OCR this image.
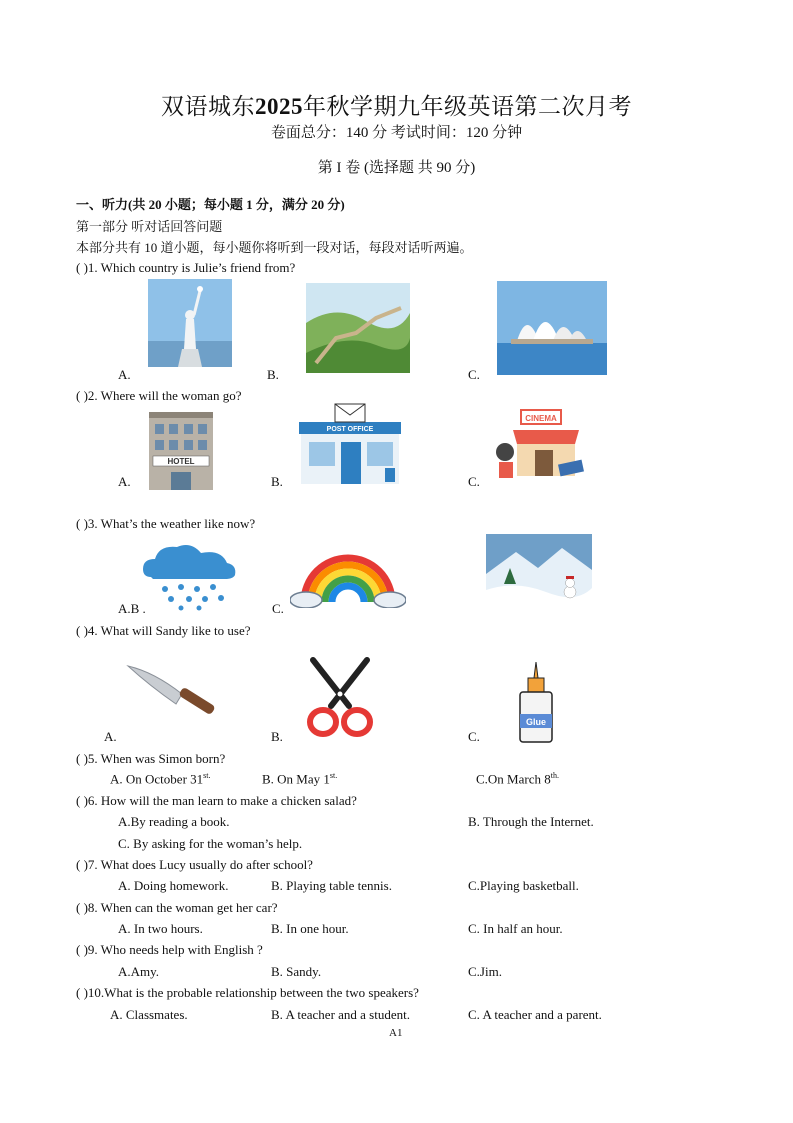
双语城东2025年秋学期九年级英语第二次月考
卷面总分：140 分 考试时间：120 分钟
第 I 卷 (选择题 共 90 分)
一、听力(共 20 小题；每小题 1 分，满分 20 分)
第一部分 听对话回答问题
本部分共有 10 道小题，每小题你将听到一段对话，每段对话听两遍。
( )1. Which country is Julie’s friend from?
A.	B.	C.
( )2. Where will the woman go?
HOTEL
POST OFFICE
CINEMA
A.	B.	C.
( )3. What’s the weather like now?
A.B .	C.
( )4. What will Sandy like to use?
Glue
A.	B.	C.
( )5. When was Simon born?
A. On October $31^{st.}$	B. On May $1^{st.}$	C.On March $8^{th.}$
( )6. How will the man learn to make a chicken salad?
A.By reading a book.	B. Through the Internet.
C. By asking for the woman’s help.
( )7. What does Lucy usually do after school?
A. Doing homework.	B. Playing table tennis.	C.Playing basketball.
( )8. When can the woman get her car?
A. In two hours.	B. In one hour.	C. In half an hour.
( )9. Who needs help with English ?
A.Amy.	B. Sandy.	C.Jim.
( )10.What is the probable relationship between the two speakers?
A. Classmates.	B. A teacher and a student.	C. A teacher and a parent.
A1
